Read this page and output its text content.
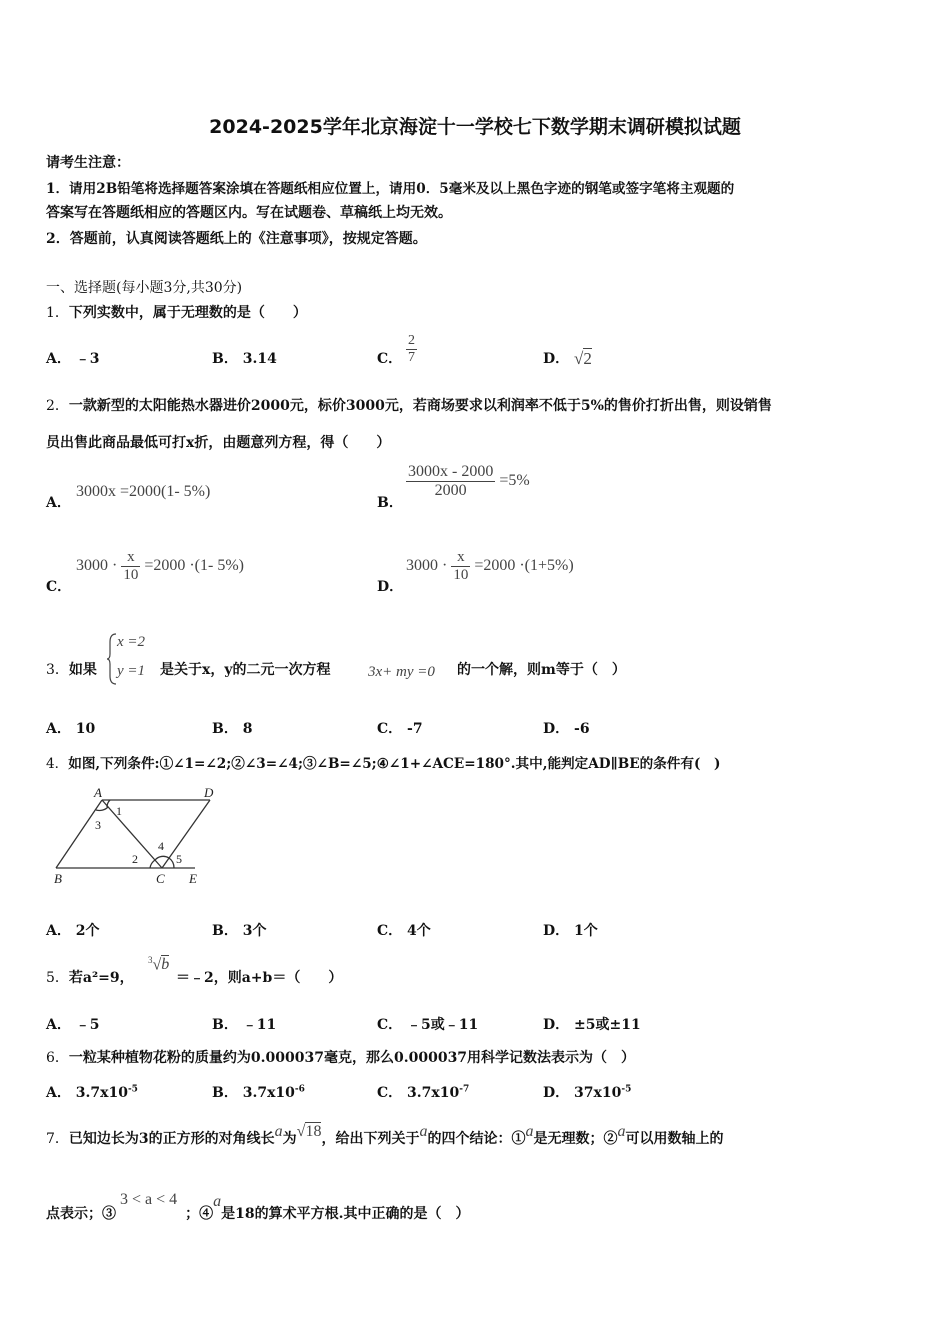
2024-2025学年北京海淀十一学校七下数学期末调研模拟试题
请考生注意：
1．请用2B铅笔将选择题答案涂填在答题纸相应位置上，请用0．5毫米及以上黑色字迹的钢笔或签字笔将主观题的
答案写在答题纸相应的答题区内。写在试题卷、草稿纸上均无效。
2．答题前，认真阅读答题纸上的《注意事项》，按规定答题。
一、选择题(每小题3分,共30分)
1．下列实数中，属于无理数的是（　　）
A． ﹣3	B． 3.14	C． $\frac{2}{7}$	D． √2
2．一款新型的太阳能热水器进价2000元，标价3000元，若商场要求以利润率不低于5%的售价打折出售，则设销售
员出售此商品最低可打x折，由题意列方程，得（　　）
A．
3000x =2000(1- 5%)
B．
$\frac{3000x - 2000}{2000} =5\%$
C．
$3000 \cdot \frac{x}{10} =2000 \cdot(1-$ 5%)
D．
$3000 \cdot \frac{x}{10} =2000 \cdot(1+5\%)$
3．如果
x =2
y =1 是关于x，y的二元一次方程	3x+ my =0 的一个解，则m等于（　）
A． 10	B． 8	C． -7	D． -6
4．如图,下列条件:①∠1=∠2;②∠3=∠4;③∠B=∠5;④∠1+∠ACE=180°.其中,能判定AD∥BE的条件有(　)
A	D
B	C E
1
3
2
4
5
A． 2个	B． 3个	C． 4个	D． 1个
5．若a²=9，
$^3$√b
＝﹣2，则a+b＝（　　）
A． ﹣5	B． ﹣11	C． ﹣5或﹣11	D． ±5或±11
6．一粒某种植物花粉的质量约为0.000037毫克，那么0.000037用科学记数法表示为（　）
A． $3.7x10^{-5}$	B． $3.7x10^{-6}$	C． $3.7x10^{-7}$	D． $37x10^{-5}$
7．已知边长为3的正方形的对角线长a为√18，给出下列关于a的四个结论：①a是无理数；②a可以用数轴上的
点表示；③3 < a < 4；④a是18的算术平方根.其中正确的是（　）
